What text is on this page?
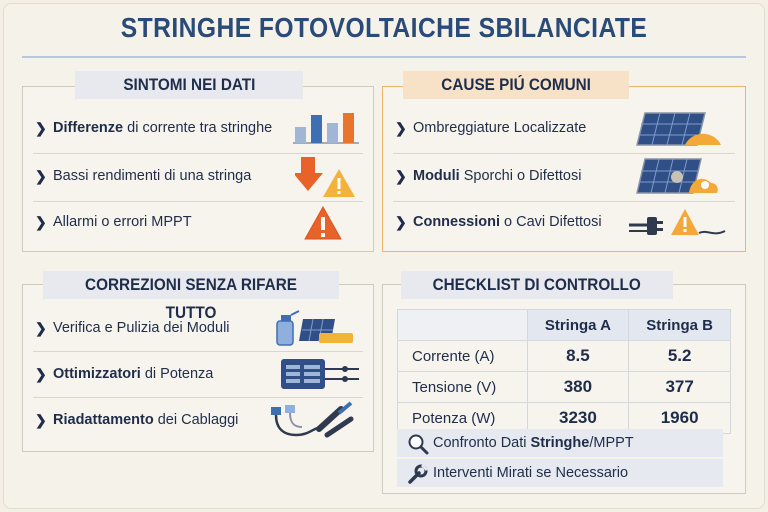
STRINGHE FOTOVOLTAICHE SBILANCIATE
SINTOMI NEI DATI
❯ Differenze di corrente tra stringhe
❯ Bassi rendimenti di una stringa
❯ Allarmi o errori MPPT
CAUSE PIÚ COMUNI
❯ Ombreggiature Localizzate
❯ Moduli Sporchi o Difettosi
❯ Connessioni o Cavi Difettosi
CORREZIONI SENZA RIFARE TUTTO
❯ Verifica e Pulizia dei Moduli
❯ Ottimizzatori di Potenza
❯ Riadattamento dei Cablaggi
CHECKLIST DI CONTROLLO
	Stringa A	Stringa B
Corrente (A)	8.5	5.2
Tensione (V)	380	377
Potenza (W)	3230	1960
Confronto Dati Stringhe/MPPT
Interventi Mirati se Necessario
